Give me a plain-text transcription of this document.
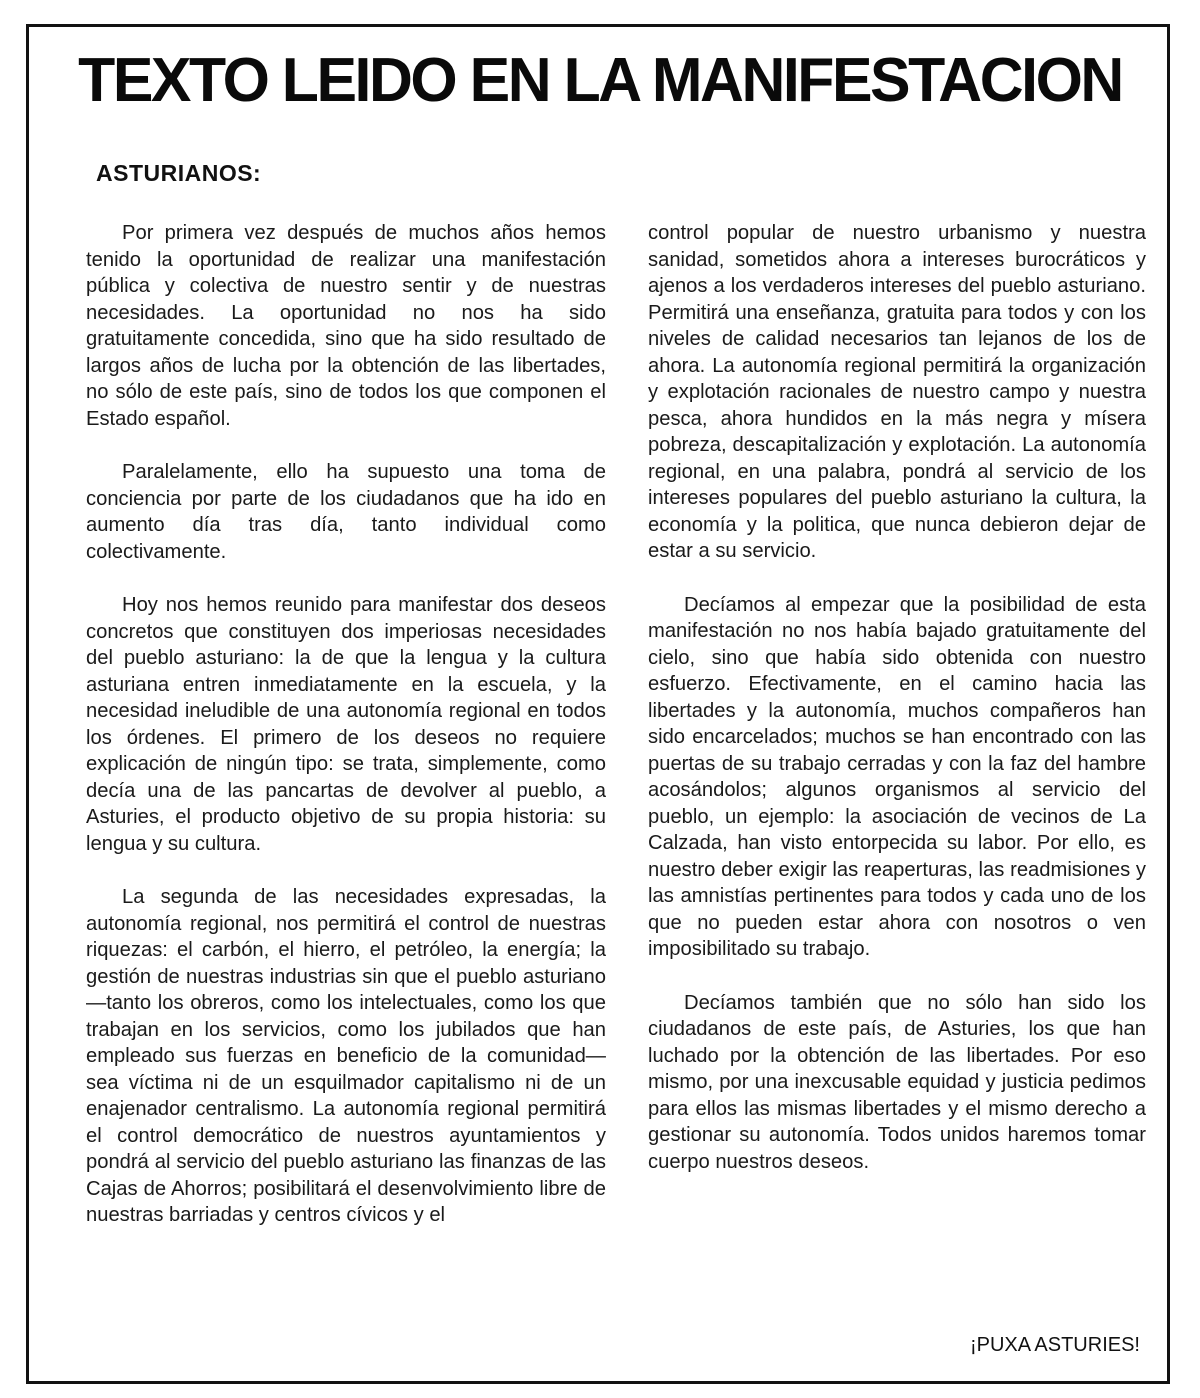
TEXTO LEIDO EN LA MANIFESTACION
ASTURIANOS:

Por primera vez después de muchos años hemos tenido la oportunidad de realizar una manifestación pública y colectiva de nuestro sentir y de nuestras necesidades. La oportunidad no nos ha sido gratuitamente concedida, sino que ha sido resultado de largos años de lucha por la obtención de las libertades, no sólo de este país, sino de todos los que componen el Estado español.

Paralelamente, ello ha supuesto una toma de conciencia por parte de los ciudadanos que ha ido en aumento día tras día, tanto individual como colectivamente.

Hoy nos hemos reunido para manifestar dos deseos concretos que constituyen dos imperiosas necesidades del pueblo asturiano: la de que la lengua y la cultura asturiana entren inmediatamente en la escuela, y la necesidad ineludible de una autonomía regional en todos los órdenes. El primero de los deseos no requiere explicación de ningún tipo: se trata, simplemente, como decía una de las pancartas de devolver al pueblo, a Asturies, el producto objetivo de su propia historia: su lengua y su cultura.

La segunda de las necesidades expresadas, la autonomía regional, nos permitirá el control de nuestras riquezas: el carbón, el hierro, el petróleo, la energía; la gestión de nuestras industrias sin que el pueblo asturiano —tanto los obreros, como los intelectuales, como los que trabajan en los servicios, como los jubilados que han empleado sus fuerzas en beneficio de la comunidad— sea víctima ni de un esquilmador capitalismo ni de un enajenador centralismo. La autonomía regional permitirá el control democrático de nuestros ayuntamientos y pondrá al servicio del pueblo asturiano las finanzas de las Cajas de Ahorros; posibilitará el desenvolvimiento libre de nuestras barriadas y centros cívicos y el

control popular de nuestro urbanismo y nuestra sanidad, sometidos ahora a intereses burocráticos y ajenos a los verdaderos intereses del pueblo asturiano. Permitirá una enseñanza, gratuita para todos y con los niveles de calidad necesarios tan lejanos de los de ahora. La autonomía regional permitirá la organización y explotación racionales de nuestro campo y nuestra pesca, ahora hundidos en la más negra y mísera pobreza, descapitalización y explotación. La autonomía regional, en una palabra, pondrá al servicio de los intereses populares del pueblo asturiano la cultura, la economía y la politica, que nunca debieron dejar de estar a su servicio.

Decíamos al empezar que la posibilidad de esta manifestación no nos había bajado gratuitamente del cielo, sino que había sido obtenida con nuestro esfuerzo. Efectivamente, en el camino hacia las libertades y la autonomía, muchos compañeros han sido encarcelados; muchos se han encontrado con las puertas de su trabajo cerradas y con la faz del hambre acosándolos; algunos organismos al servicio del pueblo, un ejemplo: la asociación de vecinos de La Calzada, han visto entorpecida su labor. Por ello, es nuestro deber exigir las reaperturas, las readmisiones y las amnistías pertinentes para todos y cada uno de los que no pueden estar ahora con nosotros o ven imposibilitado su trabajo.

Decíamos también que no sólo han sido los ciudadanos de este país, de Asturies, los que han luchado por la obtención de las libertades. Por eso mismo, por una inexcusable equidad y justicia pedimos para ellos las mismas libertades y el mismo derecho a gestionar su autonomía. Todos unidos haremos tomar cuerpo nuestros deseos.

¡PUXA ASTURIES!
